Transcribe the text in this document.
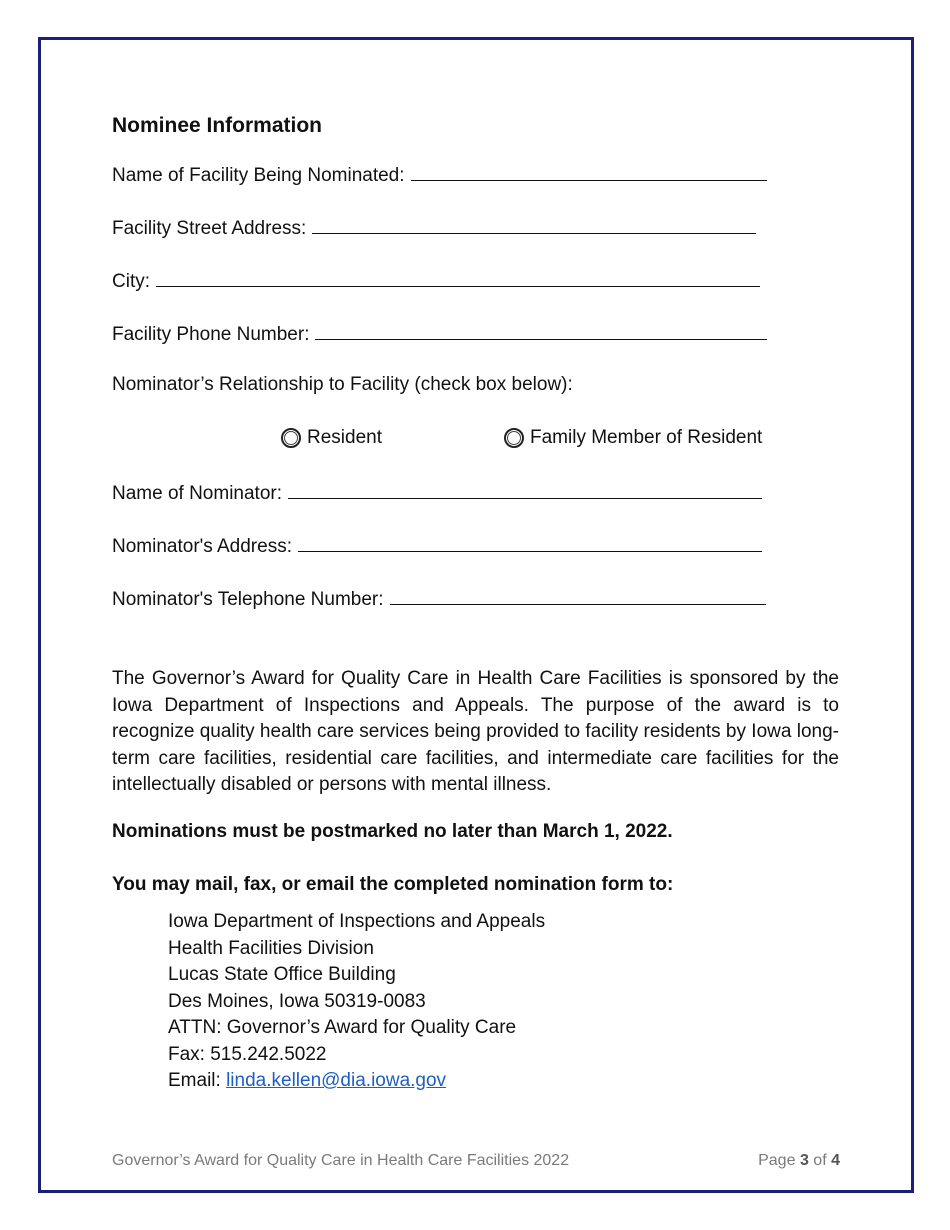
Nominee Information
Name of Facility Being Nominated:
Facility Street Address:
City:
Facility Phone Number:
Nominator’s Relationship to Facility (check box below):
Resident	Family Member of Resident
Name of Nominator:
Nominator's Address:
Nominator's Telephone Number:

The Governor’s Award for Quality Care in Health Care Facilities is sponsored by the Iowa Department of Inspections and Appeals. The purpose of the award is to recognize quality health care services being provided to facility residents by Iowa long-term care facilities, residential care facilities, and intermediate care facilities for the intellectually disabled or persons with mental illness.

Nominations must be postmarked no later than March 1, 2022.
You may mail, fax, or email the completed nomination form to:
Iowa Department of Inspections and Appeals
Health Facilities Division
Lucas State Office Building
Des Moines, Iowa 50319-0083
ATTN: Governor’s Award for Quality Care
Fax: 515.242.5022
Email: linda.kellen@dia.iowa.gov
Governor’s Award for Quality Care in Health Care Facilities 2022	Page 3 of 4
